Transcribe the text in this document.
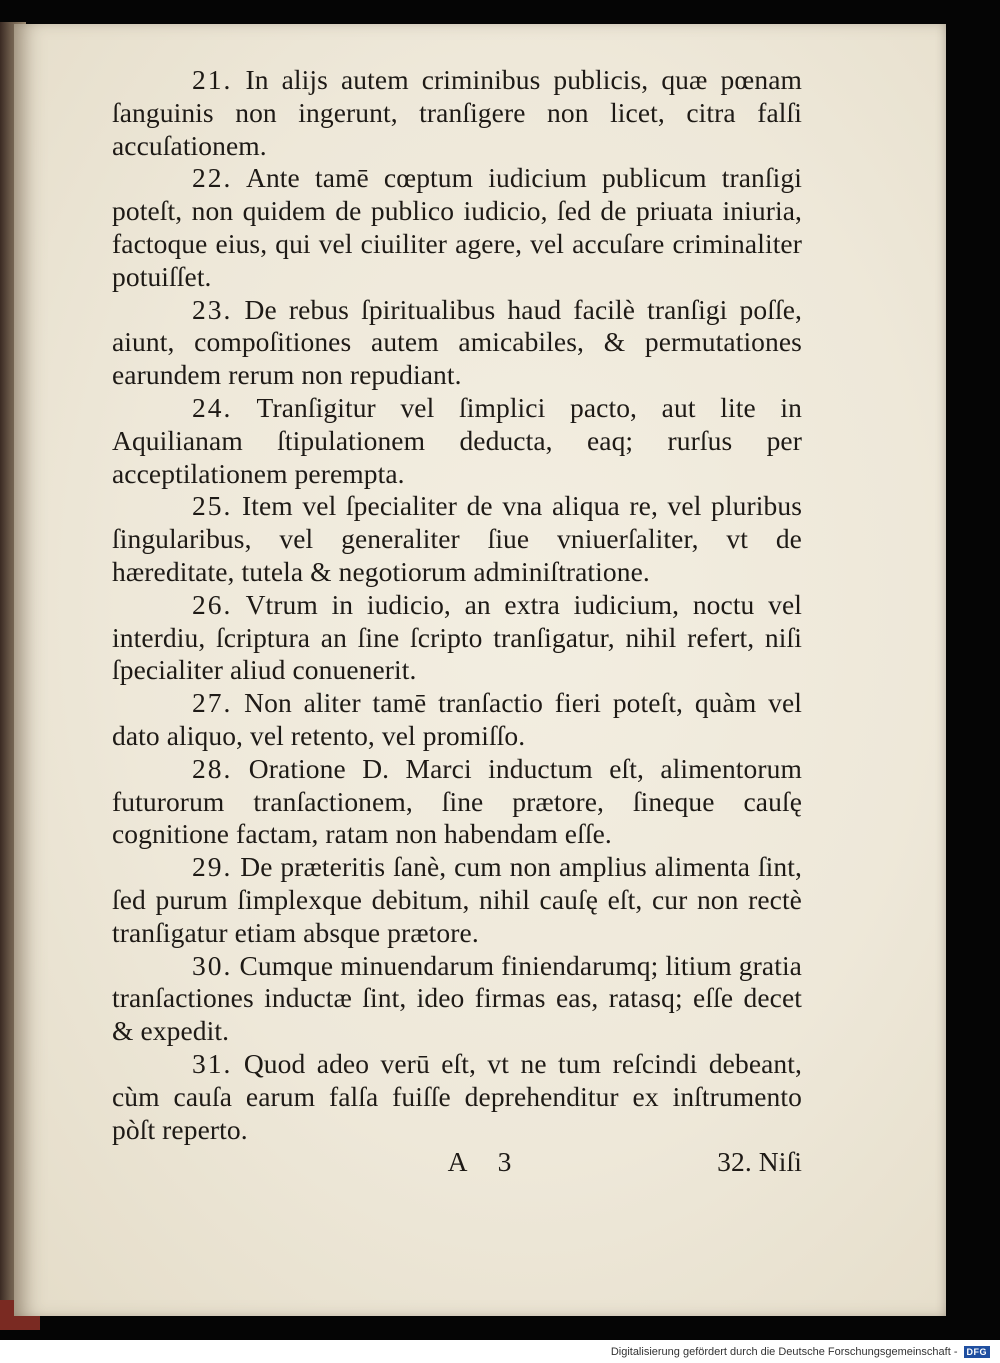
21. In alijs autem criminibus publicis, quæ pœnam ſanguinis non ingerunt, tranſigere non licet, citra falſi accuſationem.

22. Ante tamē cœptum iudicium publicum tranſigi poteſt, non quidem de publico iudicio, ſed de priuata iniuria, factoque eius, qui vel ciuiliter agere, vel accuſare criminaliter potuiſſet.

23. De rebus ſpiritualibus haud facilè tranſigi poſſe, aiunt, compoſitiones autem amicabiles, & permutationes earundem rerum non repudiant.

24. Tranſigitur vel ſimplici pacto, aut lite in Aquilianam ſtipulationem deducta, eaq; rurſus per acceptilationem perempta.

25. Item vel ſpecialiter de vna aliqua re, vel pluribus ſingularibus, vel generaliter ſiue vniuerſaliter, vt de hæreditate, tutela & negotiorum adminiſtratione.

26. Vtrum in iudicio, an extra iudicium, noctu vel interdiu, ſcriptura an ſine ſcripto tranſigatur, nihil refert, niſi ſpecialiter aliud conuenerit.

27. Non aliter tamē tranſactio fieri poteſt, quàm vel dato aliquo, vel retento, vel promiſſo.

28. Oratione D. Marci inductum eſt, alimentorum futurorum tranſactionem, ſine prætore, ſineque cauſę cognitione factam, ratam non habendam eſſe.

29. De præteritis ſanè, cum non amplius alimenta ſint, ſed purum ſimplexque debitum, nihil cauſę eſt, cur non rectè tranſigatur etiam absque prætore.

30. Cumque minuendarum finiendarumq; litium gratia tranſactiones inductæ ſint, ideo firmas eas, ratasq; eſſe decet & expedit.

31. Quod adeo verū eſt, vt ne tum reſcindi debeant, cùm cauſa earum falſa fuiſſe deprehenditur ex inſtrumento pòſt reperto.

A 3	32. Niſi
Digitalisierung gefördert durch die Deutsche Forschungsgemeinschaft -	DFG
